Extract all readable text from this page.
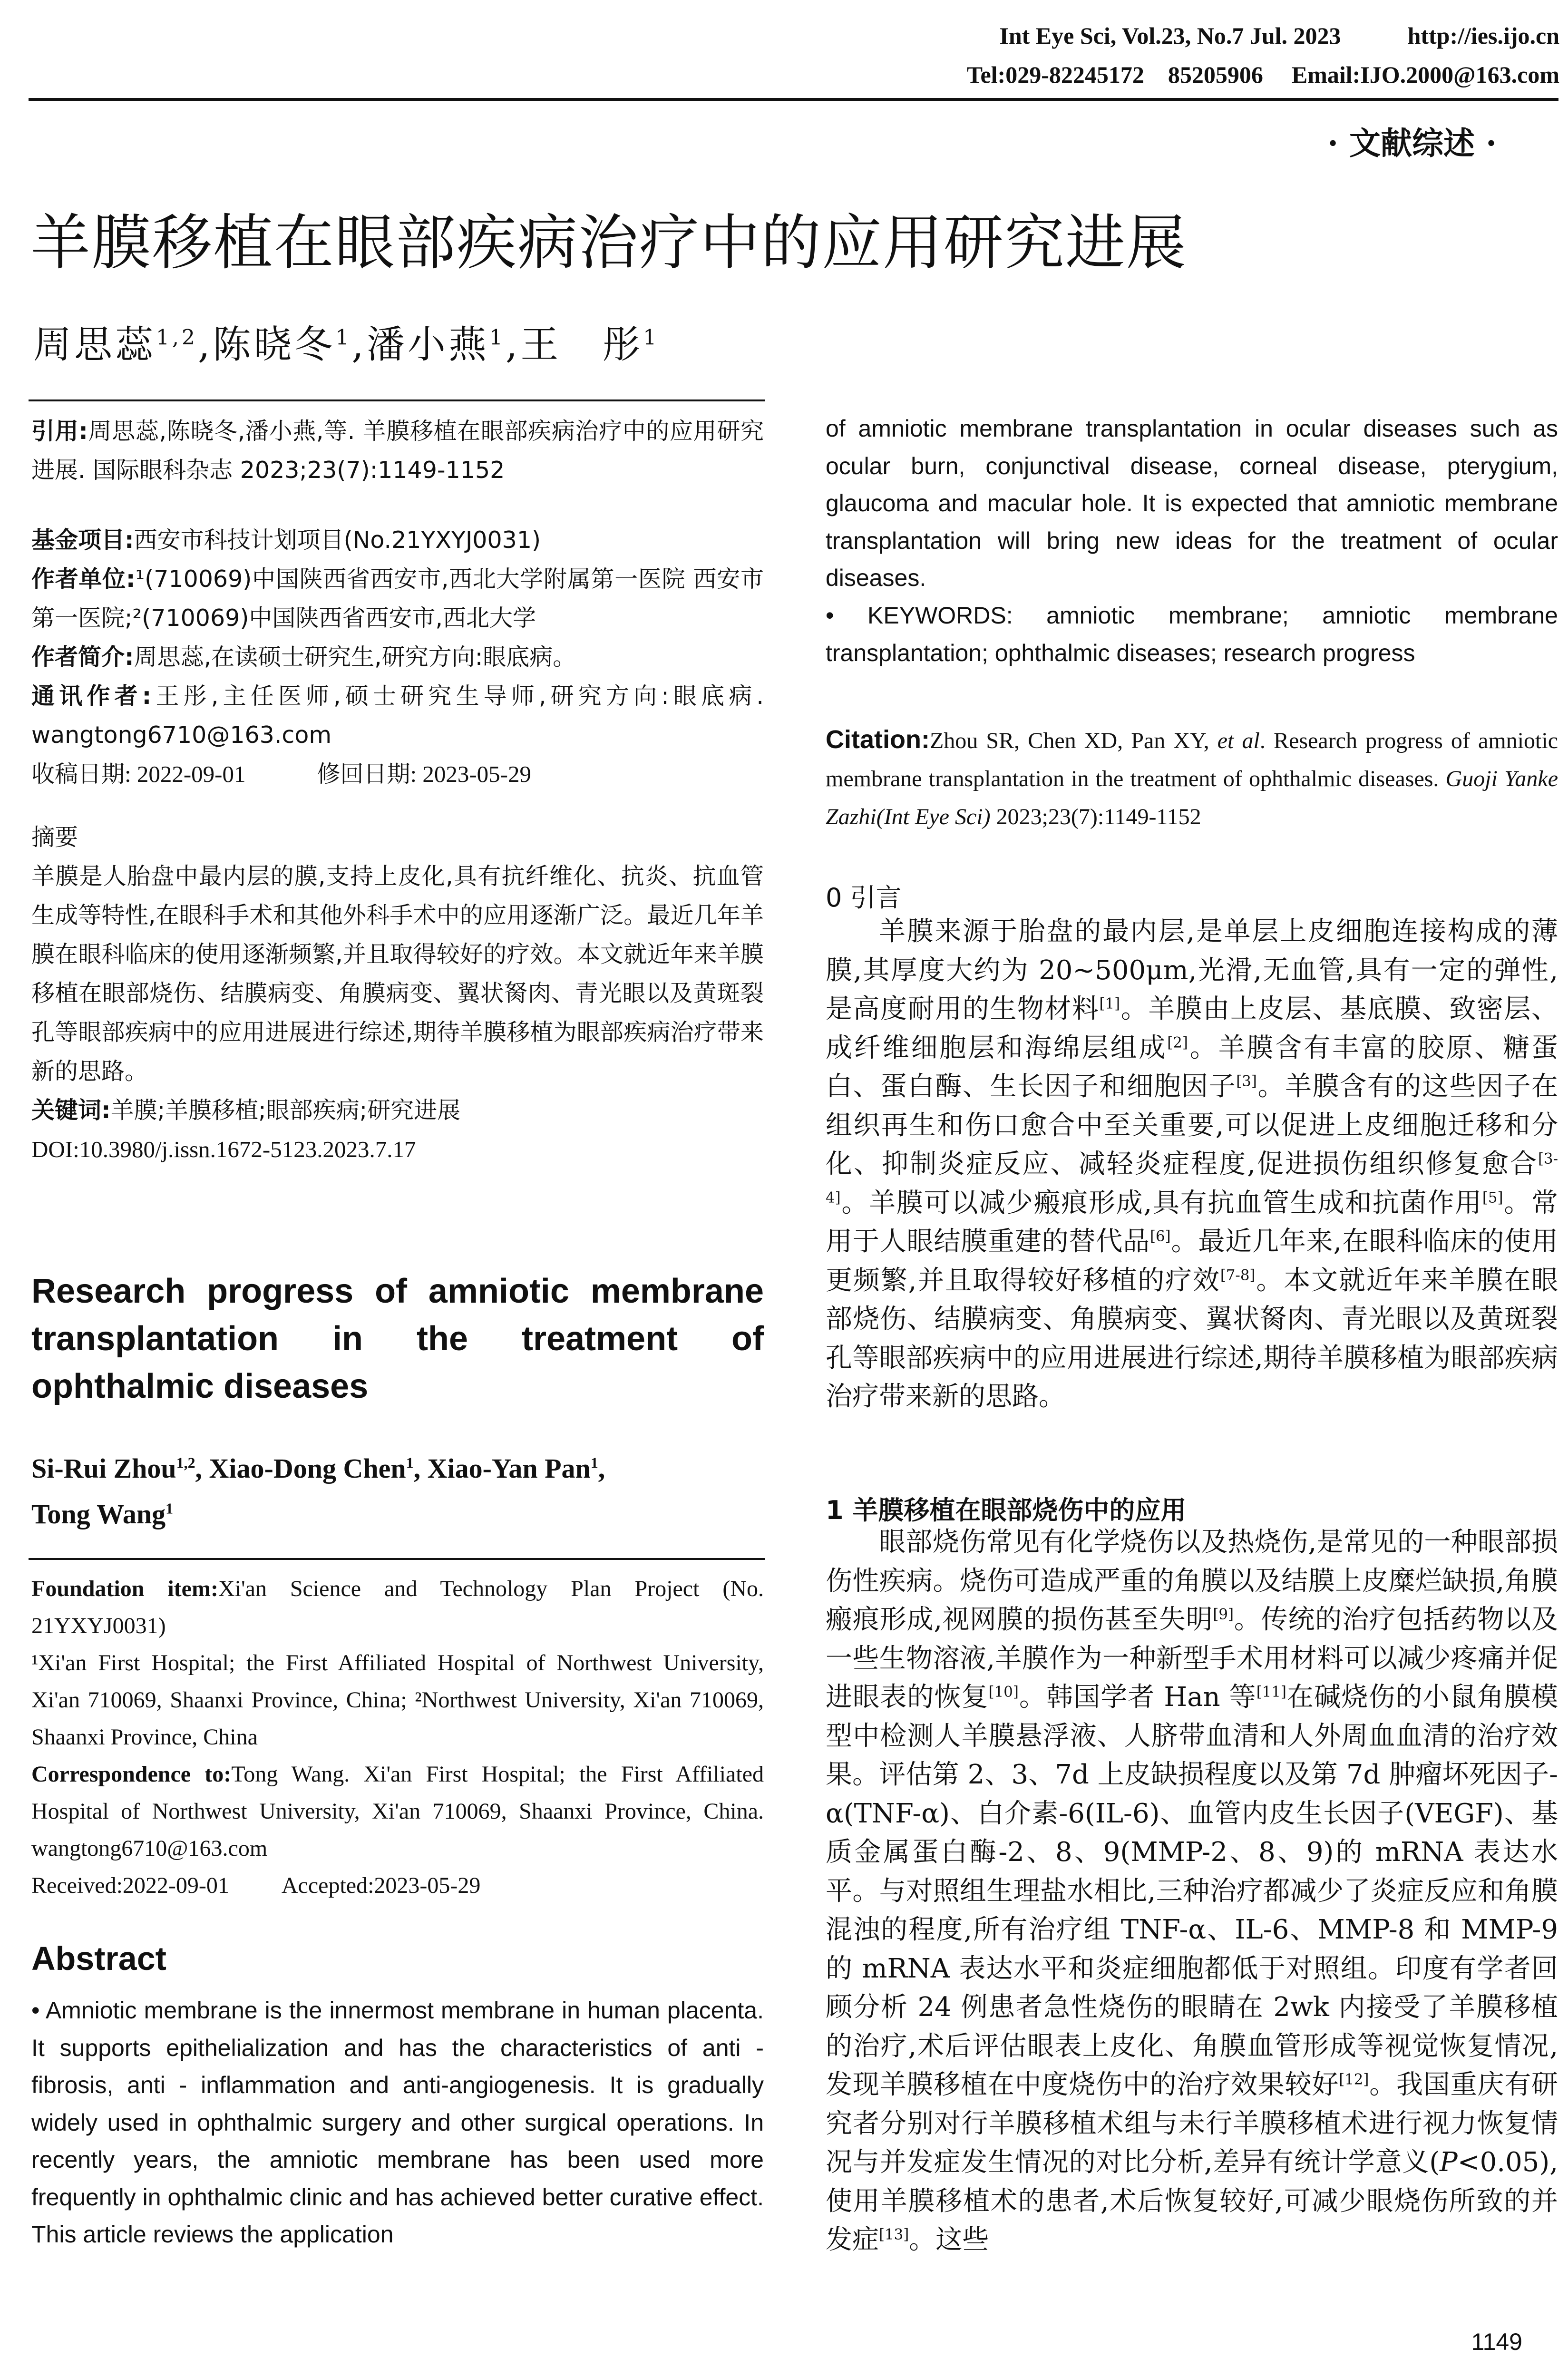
Int Eye Sci, Vol.23, No.7 Jul. 2023	http://ies.ijo.cn
Tel:029-82245172    85205906 Email:IJO.2000@163.com
· 文献综述 ·
羊膜移植在眼部疾病治疗中的应用研究进展
周思蕊$^{1,2}$,陈晓冬$^1$,潘小燕$^1$,王　彤$^1$
引用:周思蕊,陈晓冬,潘小燕,等. 羊膜移植在眼部疾病治疗中的应用研究进展. 国际眼科杂志 2023;23(7):1149-1152
基金项目:西安市科技计划项目(No.21YXYJ0031)
作者单位:¹(710069)中国陕西省西安市,西北大学附属第一医院 西安市第一医院;²(710069)中国陕西省西安市,西北大学
作者简介:周思蕊,在读硕士研究生,研究方向:眼底病。
通讯作者:王彤,主任医师,硕士研究生导师,研究方向:眼底病. wangtong6710@163.com
收稿日期: 2022-09-01	修回日期: 2023-05-29
摘要
羊膜是人胎盘中最内层的膜,支持上皮化,具有抗纤维化、抗炎、抗血管生成等特性,在眼科手术和其他外科手术中的应用逐渐广泛。最近几年羊膜在眼科临床的使用逐渐频繁,并且取得较好的疗效。本文就近年来羊膜移植在眼部烧伤、结膜病变、角膜病变、翼状胬肉、青光眼以及黄斑裂孔等眼部疾病中的应用进展进行综述,期待羊膜移植为眼部疾病治疗带来新的思路。
关键词:羊膜;羊膜移植;眼部疾病;研究进展
DOI:10.3980/j.issn.1672-5123.2023.7.17
Research progress of amniotic membrane
transplantation in the treatment of
ophthalmic diseases
Si-Rui Zhou$^{1,2}$, Xiao-Dong Chen$^1$, Xiao-Yan Pan$^1$,
Tong Wang$^1$
Foundation item:Xi'an Science and Technology Plan Project (No. 21YXYJ0031)
¹Xi'an First Hospital; the First Affiliated Hospital of Northwest University, Xi'an 710069, Shaanxi Province, China; ²Northwest University, Xi'an 710069, Shaanxi Province, China
Correspondence to:Tong Wang. Xi'an First Hospital; the First Affiliated Hospital of Northwest University, Xi'an 710069, Shaanxi Province, China. wangtong6710@163.com
Received:2022-09-01 Accepted:2023-05-29
Abstract
• Amniotic membrane is the innermost membrane in human placenta. It supports epithelialization and has the characteristics of anti - fibrosis, anti - inflammation and anti-angiogenesis. It is gradually widely used in ophthalmic surgery and other surgical operations. In recently years, the amniotic membrane has been used more frequently in ophthalmic clinic and has achieved better curative effect. This article reviews the application
of amniotic membrane transplantation in ocular diseases such as ocular burn, conjunctival disease, corneal disease, pterygium, glaucoma and macular hole. It is expected that amniotic membrane transplantation will bring new ideas for the treatment of ocular diseases.
• KEYWORDS: amniotic membrane; amniotic membrane transplantation; ophthalmic diseases; research progress
Citation:Zhou SR, Chen XD, Pan XY, et al. Research progress of amniotic membrane transplantation in the treatment of ophthalmic diseases. Guoji Yanke Zazhi(Int Eye Sci) 2023;23(7):1149-1152
0 引言
羊膜来源于胎盘的最内层,是单层上皮细胞连接构成的薄膜,其厚度大约为 20~500μm,光滑,无血管,具有一定的弹性,是高度耐用的生物材料[1]。羊膜由上皮层、基底膜、致密层、成纤维细胞层和海绵层组成[2]。羊膜含有丰富的胶原、糖蛋白、蛋白酶、生长因子和细胞因子[3]。羊膜含有的这些因子在组织再生和伤口愈合中至关重要,可以促进上皮细胞迁移和分化、抑制炎症反应、减轻炎症程度,促进损伤组织修复愈合[3-4]。羊膜可以减少瘢痕形成,具有抗血管生成和抗菌作用[5]。常用于人眼结膜重建的替代品[6]。最近几年来,在眼科临床的使用更频繁,并且取得较好移植的疗效[7-8]。本文就近年来羊膜在眼部烧伤、结膜病变、角膜病变、翼状胬肉、青光眼以及黄斑裂孔等眼部疾病中的应用进展进行综述,期待羊膜移植为眼部疾病治疗带来新的思路。
1 羊膜移植在眼部烧伤中的应用
眼部烧伤常见有化学烧伤以及热烧伤,是常见的一种眼部损伤性疾病。烧伤可造成严重的角膜以及结膜上皮糜烂缺损,角膜瘢痕形成,视网膜的损伤甚至失明[9]。传统的治疗包括药物以及一些生物溶液,羊膜作为一种新型手术用材料可以减少疼痛并促进眼表的恢复[10]。韩国学者 Han 等[11]在碱烧伤的小鼠角膜模型中检测人羊膜悬浮液、人脐带血清和人外周血血清的治疗效果。评估第 2、3、7d 上皮缺损程度以及第 7d 肿瘤坏死因子-α(TNF-α)、白介素-6(IL-6)、血管内皮生长因子(VEGF)、基质金属蛋白酶-2、8、9(MMP-2、8、9)的 mRNA 表达水平。与对照组生理盐水相比,三种治疗都减少了炎症反应和角膜混浊的程度,所有治疗组 TNF-α、IL-6、MMP-8 和 MMP-9 的 mRNA 表达水平和炎症细胞都低于对照组。印度有学者回顾分析 24 例患者急性烧伤的眼睛在 2wk 内接受了羊膜移植的治疗,术后评估眼表上皮化、角膜血管形成等视觉恢复情况,发现羊膜移植在中度烧伤中的治疗效果较好[12]。我国重庆有研究者分别对行羊膜移植术组与未行羊膜移植术进行视力恢复情况与并发症发生情况的对比分析,差异有统计学意义(P<0.05),使用羊膜移植术的患者,术后恢复较好,可减少眼烧伤所致的并发症[13]。这些
1149
